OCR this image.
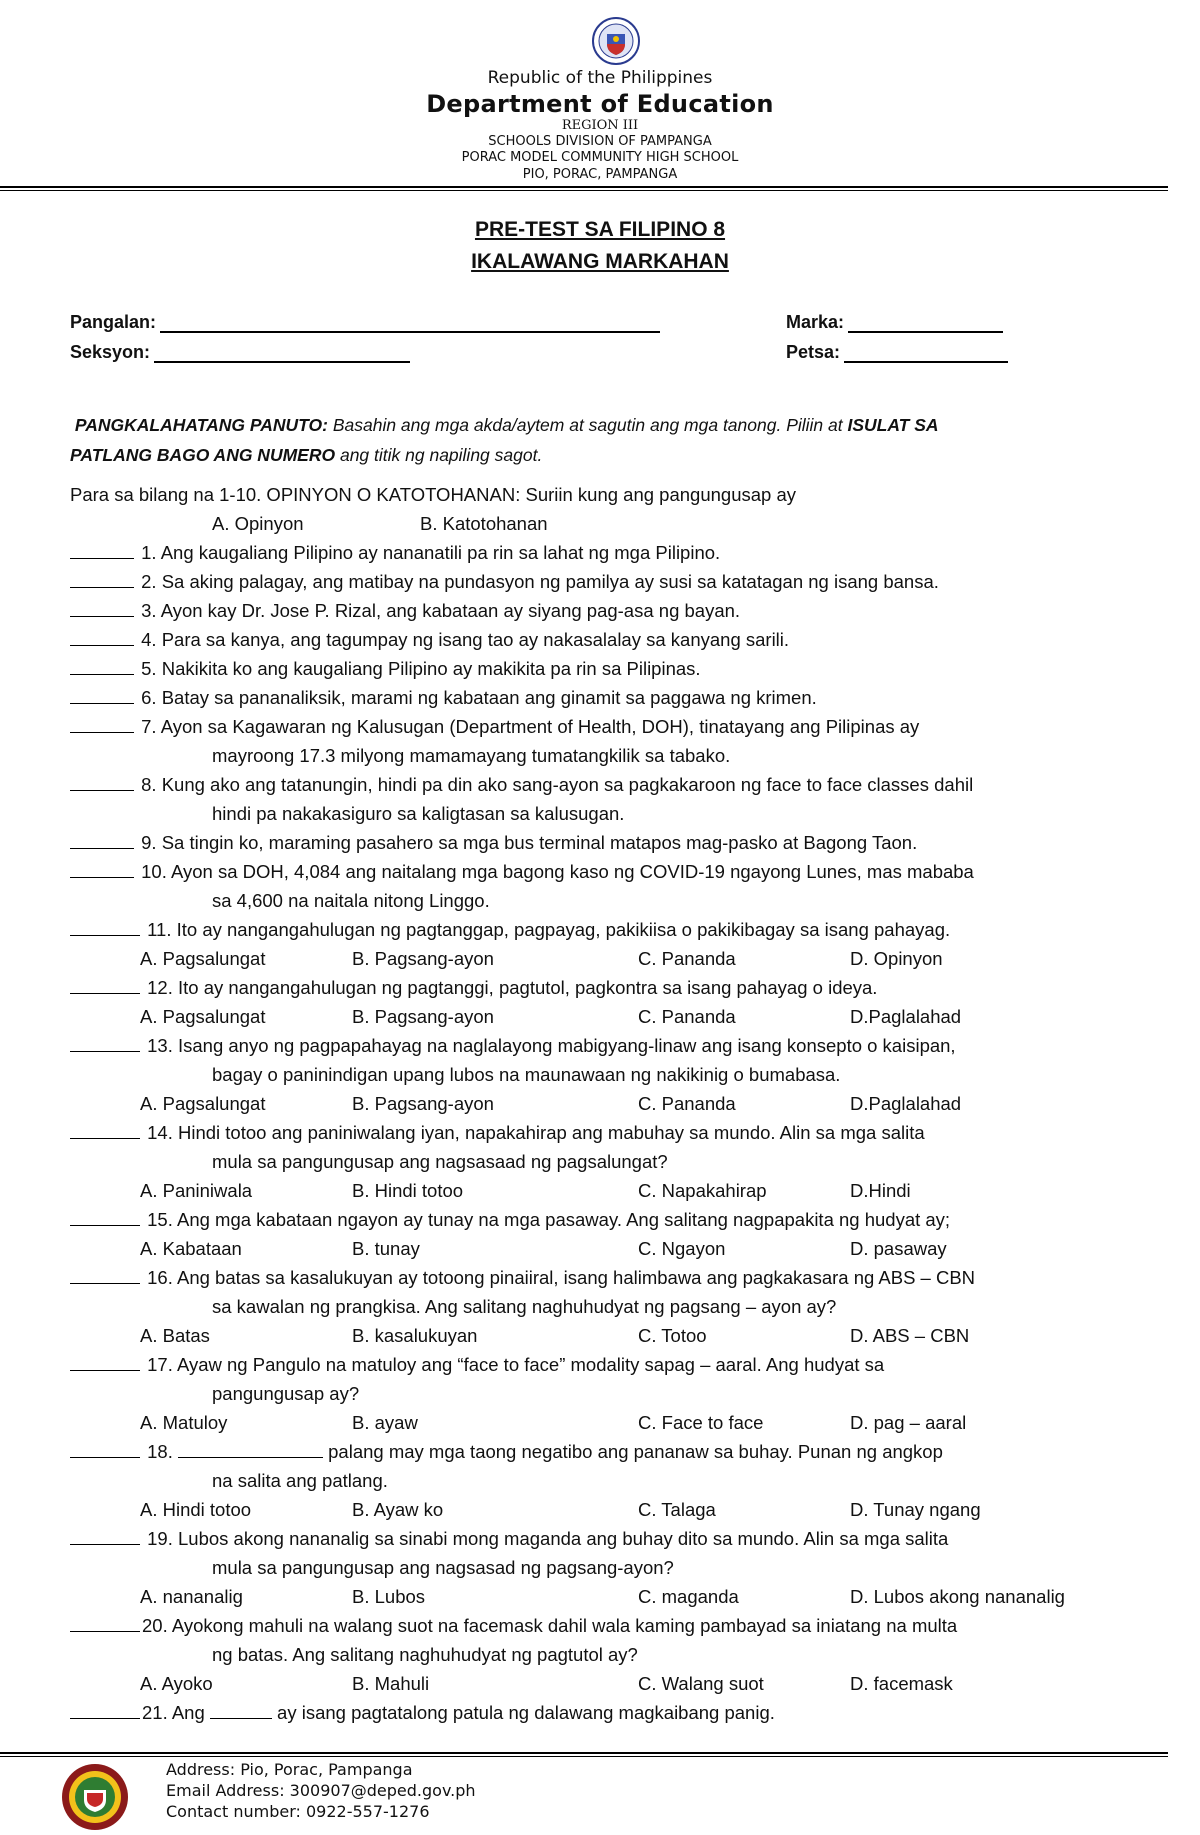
Republic of the Philippines
Department of Education
REGION III
SCHOOLS DIVISION OF PAMPANGA
PORAC MODEL COMMUNITY HIGH SCHOOL
PIO, PORAC, PAMPANGA
PRE-TEST SA FILIPINO 8
IKALAWANG MARKAHAN
Pangalan:
Seksyon:
Marka:
Petsa:
PANGKALAHATANG PANUTO: Basahin ang mga akda/aytem at sagutin ang mga tanong. Piliin at ISULAT SA
PATLANG BAGO ANG NUMERO ang titik ng napiling sagot.
Para sa bilang na 1-10. OPINYON O KATOTOHANAN: Suriin kung ang pangungusap ay
A. Opinyon	B. Katotohanan
1. Ang kaugaliang Pilipino ay nananatili pa rin sa lahat ng mga Pilipino.
2. Sa aking palagay, ang matibay na pundasyon ng pamilya ay susi sa katatagan ng isang bansa.
3. Ayon kay Dr. Jose P. Rizal, ang kabataan ay siyang pag-asa ng bayan.
4. Para sa kanya, ang tagumpay ng isang tao ay nakasalalay sa kanyang sarili.
5. Nakikita ko ang kaugaliang Pilipino ay makikita pa rin sa Pilipinas.
6. Batay sa pananaliksik, marami ng kabataan ang ginamit sa paggawa ng krimen.
7. Ayon sa Kagawaran ng Kalusugan (Department of Health, DOH), tinatayang ang Pilipinas ay
mayroong 17.3 milyong mamamayang tumatangkilik sa tabako.
8. Kung ako ang tatanungin, hindi pa din ako sang-ayon sa pagkakaroon ng face to face classes dahil
hindi pa nakakasiguro sa kaligtasan sa kalusugan.
9. Sa tingin ko, maraming pasahero sa mga bus terminal matapos mag-pasko at Bagong Taon.
10. Ayon sa DOH, 4,084 ang naitalang mga bagong kaso ng COVID-19 ngayong Lunes, mas mababa
sa 4,600 na naitala nitong Linggo.
11. Ito ay nangangahulugan ng pagtanggap, pagpayag, pakikiisa o pakikibagay sa isang pahayag.
A. Pagsalungat	B. Pagsang-ayon	C. Pananda	D. Opinyon
12. Ito ay nangangahulugan ng pagtanggi, pagtutol, pagkontra sa isang pahayag o ideya.
A. Pagsalungat	B. Pagsang-ayon	C. Pananda	D.Paglalahad
13. Isang anyo ng pagpapahayag na naglalayong mabigyang-linaw ang isang konsepto o kaisipan,
bagay o paninindigan upang lubos na maunawaan ng nakikinig o bumabasa.
A. Pagsalungat	B. Pagsang-ayon	C. Pananda	D.Paglalahad
14. Hindi totoo ang paniniwalang iyan, napakahirap ang mabuhay sa mundo. Alin sa mga salita
mula sa pangungusap ang nagsasaad ng pagsalungat?
A. Paniniwala	B. Hindi totoo	C. Napakahirap	D.Hindi
15. Ang mga kabataan ngayon ay tunay na mga pasaway. Ang salitang nagpapakita ng hudyat ay;
A. Kabataan	B. tunay	C. Ngayon	D. pasaway
16. Ang batas sa kasalukuyan ay totoong pinaiiral, isang halimbawa ang pagkakasara ng ABS – CBN
sa kawalan ng prangkisa. Ang salitang naghuhudyat ng pagsang – ayon ay?
A. Batas	B. kasalukuyan	C. Totoo	D. ABS – CBN
17. Ayaw ng Pangulo na matuloy ang “face to face” modality sapag – aaral. Ang hudyat sa
pangungusap ay?
A. Matuloy	B. ayaw	C. Face to face	D. pag – aaral
18.	palang may mga taong negatibo ang pananaw sa buhay. Punan ng angkop
na salita ang patlang.
A. Hindi totoo	B. Ayaw ko	C. Talaga	D. Tunay ngang
19. Lubos akong nananalig sa sinabi mong maganda ang buhay dito sa mundo. Alin sa mga salita
mula sa pangungusap ang nagsasad ng pagsang-ayon?
A. nananalig	B. Lubos	C. maganda	D. Lubos akong nananalig
20. Ayokong mahuli na walang suot na facemask dahil wala kaming pambayad sa iniatang na multa
ng batas. Ang salitang naghuhudyat ng pagtutol ay?
A. Ayoko	B. Mahuli	C. Walang suot	D. facemask
21. Ang	ay isang pagtatalong patula ng dalawang magkaibang panig.
Address: Pio, Porac, Pampanga
Email Address: 300907@deped.gov.ph
Contact number: 0922-557-1276
